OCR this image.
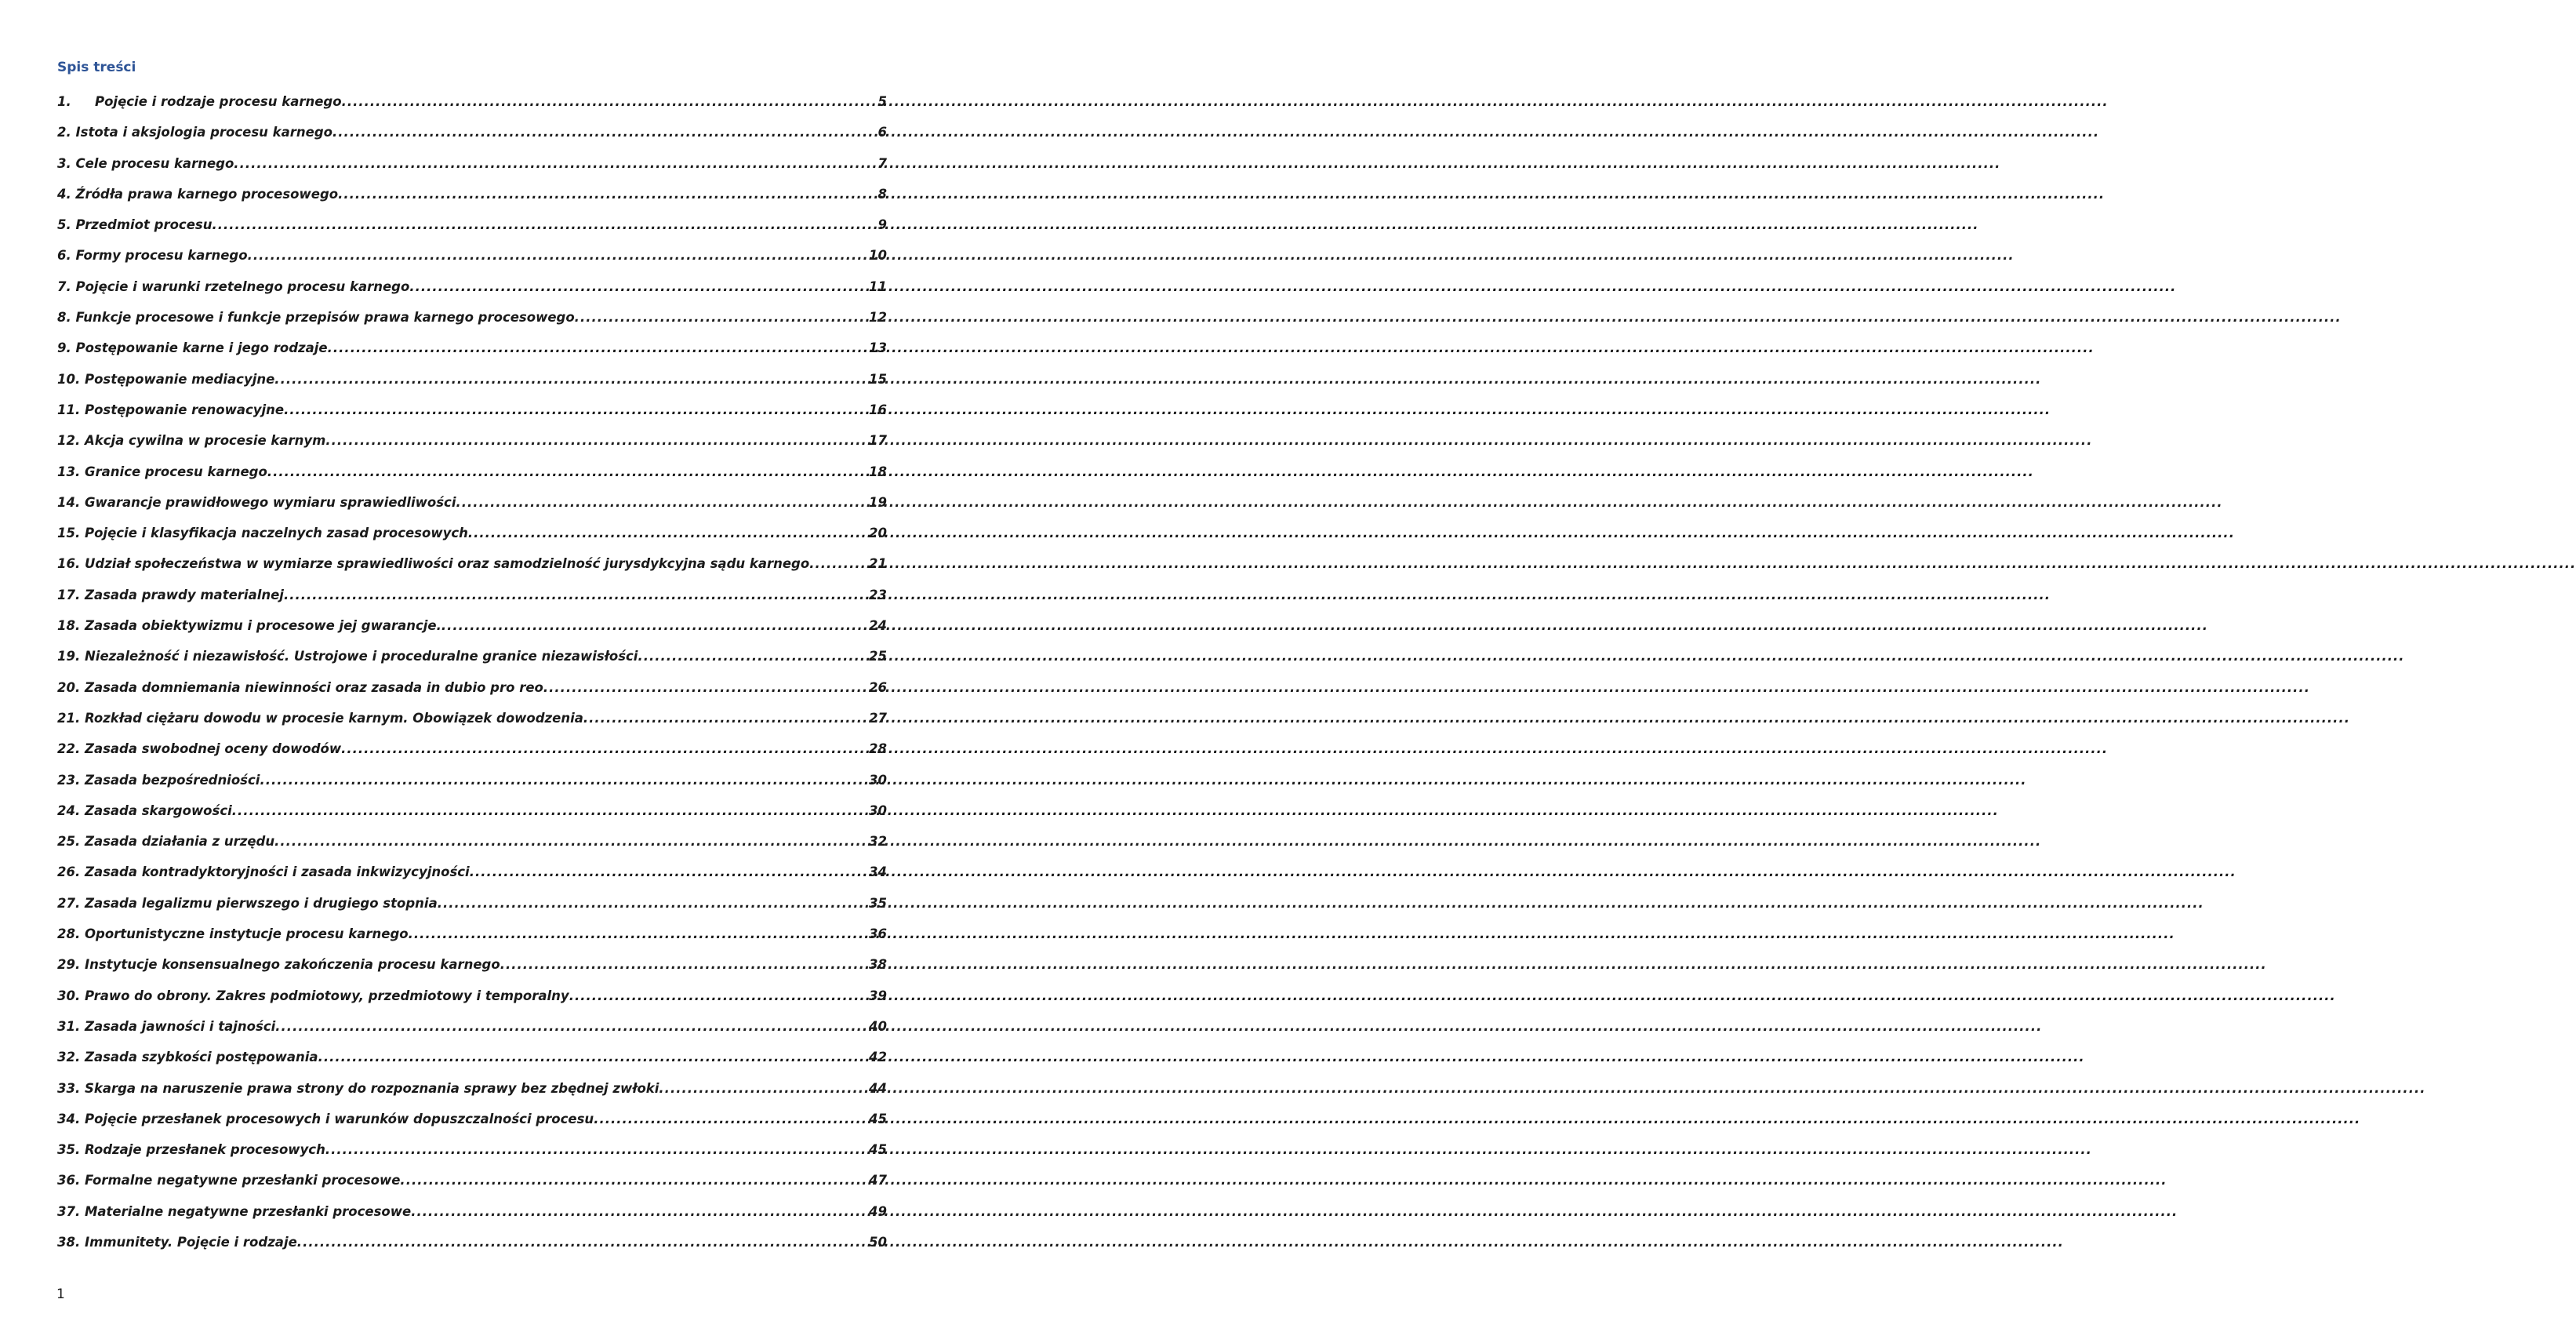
Spis treści
1. Pojęcie i rodzaje procesu karnego .....	5
2. Istota i aksjologia procesu karnego .....	6
3. Cele procesu karnego .....	7
4. Źródła prawa karnego procesowego .....	8
5. Przedmiot procesu .....	9
6. Formy procesu karnego .....	10
7. Pojęcie i warunki rzetelnego procesu karnego .....	11
8. Funkcje procesowe i funkcje przepisów prawa karnego procesowego .....	12
9. Postępowanie karne i jego rodzaje .....	13
10. Postępowanie mediacyjne .....	15
11. Postępowanie renowacyjne .....	16
12. Akcja cywilna w procesie karnym .....	17
13. Granice procesu karnego .....	18
14. Gwarancje prawidłowego wymiaru sprawiedliwości .....	19
15. Pojęcie i klasyfikacja naczelnych zasad procesowych .....	20
16. Udział społeczeństwa w wymiarze sprawiedliwości oraz samodzielność jurysdykcyjna sądu karnego .....	21
17. Zasada prawdy materialnej .....	23
18. Zasada obiektywizmu i procesowe jej gwarancje. .....	24
19. Niezależność i niezawisłość. Ustrojowe i proceduralne granice niezawisłości .....	25
20. Zasada domniemania niewinności oraz zasada in dubio pro reo .....	26
21. Rozkład ciężaru dowodu w procesie karnym. Obowiązek dowodzenia .....	27
22. Zasada swobodnej oceny dowodów .....	28
23. Zasada bezpośredniości .....	30
24. Zasada skargowości .....	30
25. Zasada działania z urzędu .....	32
26. Zasada kontradyktoryjności i zasada inkwizycyjności .....	34
27. Zasada legalizmu pierwszego i drugiego stopnia .....	35
28. Oportunistyczne instytucje procesu karnego .....	36
29. Instytucje konsensualnego zakończenia procesu karnego .....	38
30. Prawo do obrony. Zakres podmiotowy, przedmiotowy i temporalny .....	39
31. Zasada jawności i tajności .....	40
32. Zasada szybkości postępowania .....	42
33. Skarga na naruszenie prawa strony do rozpoznania sprawy bez zbędnej zwłoki .....	44
34. Pojęcie przesłanek procesowych i warunków dopuszczalności procesu .....	45
35. Rodzaje przesłanek procesowych .....	45
36. Formalne negatywne przesłanki procesowe .....	47
37. Materialne negatywne przesłanki procesowe .....	49
38. Immunitety. Pojęcie i rodzaje .....	50
1
